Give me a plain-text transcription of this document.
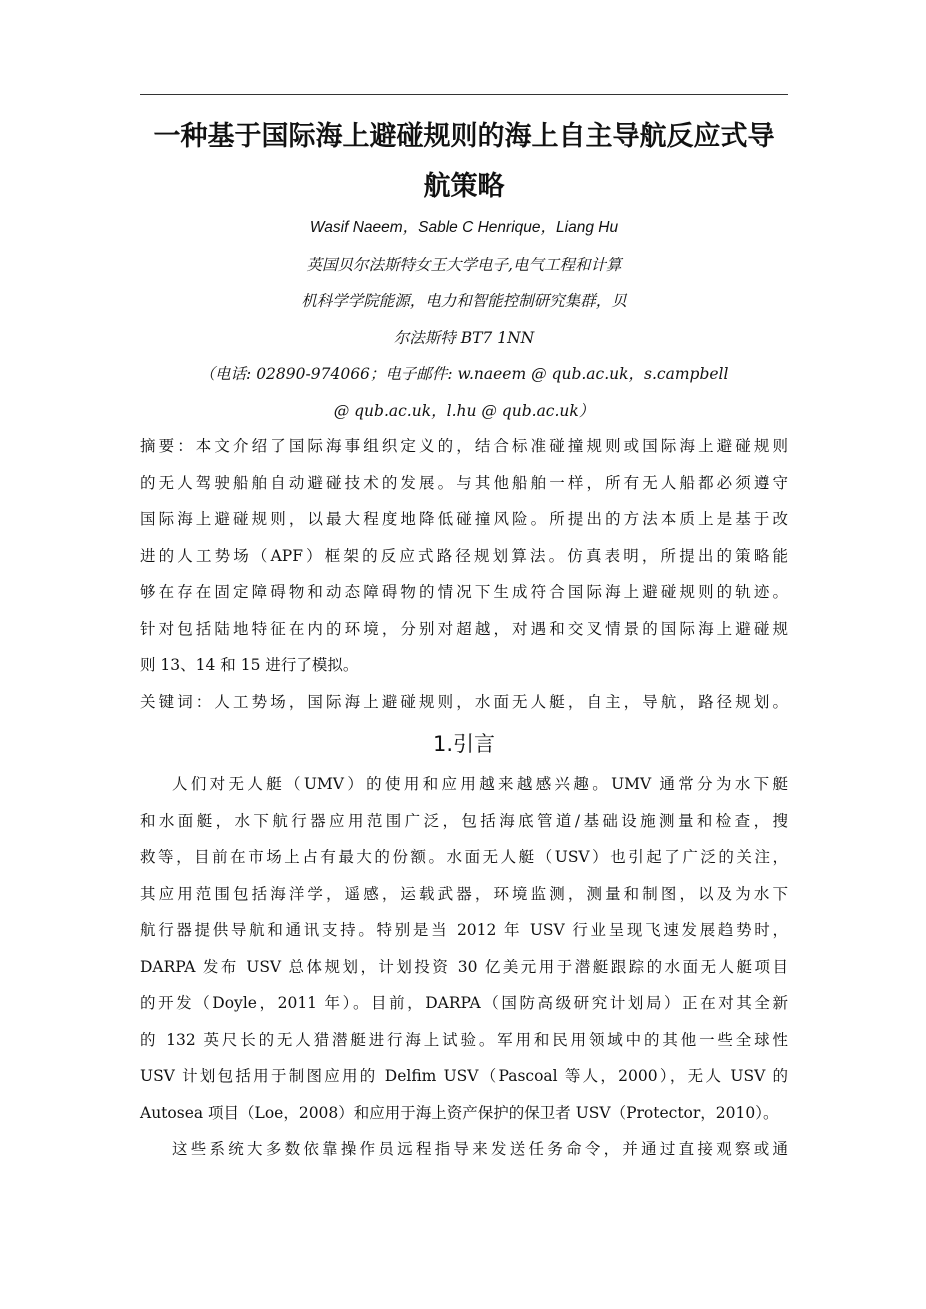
一种基于国际海上避碰规则的海上自主导航反应式导
航策略
Wasif Naeem，Sable C Henrique，Liang Hu
英国贝尔法斯特女王大学电子,电气工程和计算
机科学学院能源，电力和智能控制研究集群，贝
尔法斯特 BT7 1NN
（电话: 02890-974066；电子邮件: w.naeem @ qub.ac.uk，s.campbell
@ qub.ac.uk，l.hu @ qub.ac.uk）
摘要：本文介绍了国际海事组织定义的，结合标准碰撞规则或国际海上避碰规则
的无人驾驶船舶自动避碰技术的发展。与其他船舶一样，所有无人船都必须遵守
国际海上避碰规则，以最大程度地降低碰撞风险。所提出的方法本质上是基于改
进的人工势场（APF）框架的反应式路径规划算法。仿真表明，所提出的策略能
够在存在固定障碍物和动态障碍物的情况下生成符合国际海上避碰规则的轨迹。
针对包括陆地特征在内的环境，分别对超越，对遇和交叉情景的国际海上避碰规
则 13、14 和 15 进行了模拟。
关键词：人工势场，国际海上避碰规则，水面无人艇，自主，导航，路径规划。
1.引言
人们对无人艇（UMV）的使用和应用越来越感兴趣。UMV 通常分为水下艇
和水面艇，水下航行器应用范围广泛，包括海底管道/基础设施测量和检查，搜
救等，目前在市场上占有最大的份额。水面无人艇（USV）也引起了广泛的关注，
其应用范围包括海洋学，遥感，运载武器，环境监测，测量和制图，以及为水下
航行器提供导航和通讯支持。特别是当 2012 年 USV 行业呈现飞速发展趋势时，
DARPA 发布 USV 总体规划，计划投资 30 亿美元用于潜艇跟踪的水面无人艇项目
的开发（Doyle，2011 年）。目前，DARPA（国防高级研究计划局）正在对其全新
的 132 英尺长的无人猎潜艇进行海上试验。军用和民用领域中的其他一些全球性
USV 计划包括用于制图应用的 Delfim USV（Pascoal 等人，2000），无人 USV 的
Autosea 项目（Loe，2008）和应用于海上资产保护的保卫者 USV（Protector，2010）。
这些系统大多数依靠操作员远程指导来发送任务命令，并通过直接观察或通
